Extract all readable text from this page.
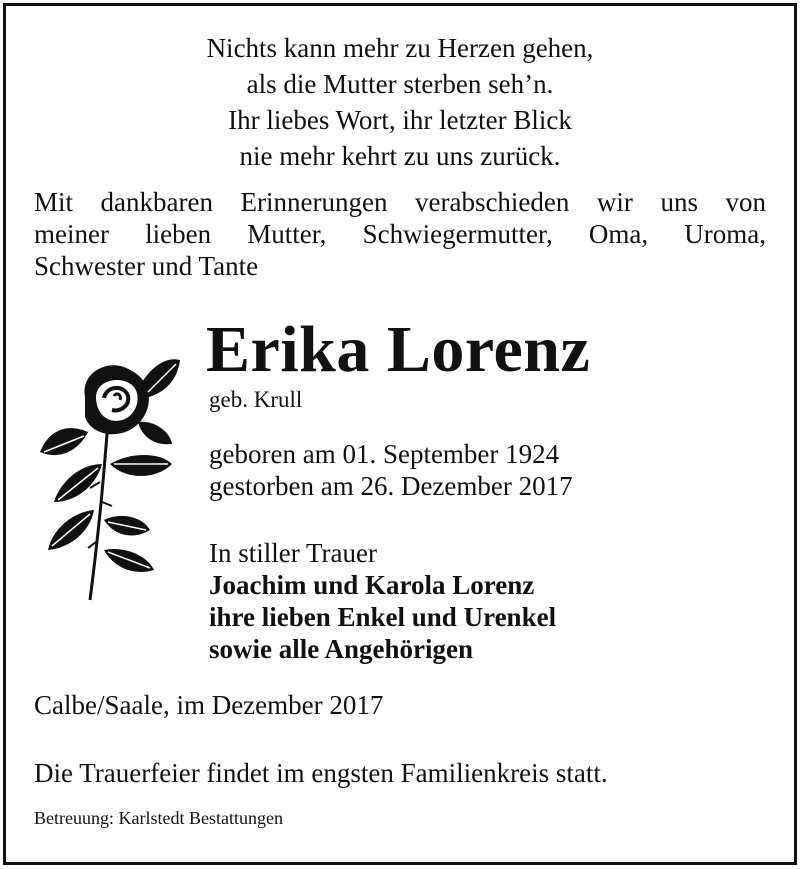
Nichts kann mehr zu Herzen gehen,
als die Mutter sterben seh’n.
Ihr liebes Wort, ihr letzter Blick
nie mehr kehrt zu uns zurück.
Mit dankbaren Erinnerungen verabschieden wir uns von
meiner lieben Mutter, Schwiegermutter, Oma, Uroma,
Schwester und Tante
Erika Lorenz
geb. Krull
geboren am 01. September 1924
gestorben am 26. Dezember 2017
In stiller Trauer
Joachim und Karola Lorenz
ihre lieben Enkel und Urenkel
sowie alle Angehörigen
Calbe/Saale, im Dezember 2017
Die Trauerfeier findet im engsten Familienkreis statt.
Betreuung: Karlstedt Bestattungen
